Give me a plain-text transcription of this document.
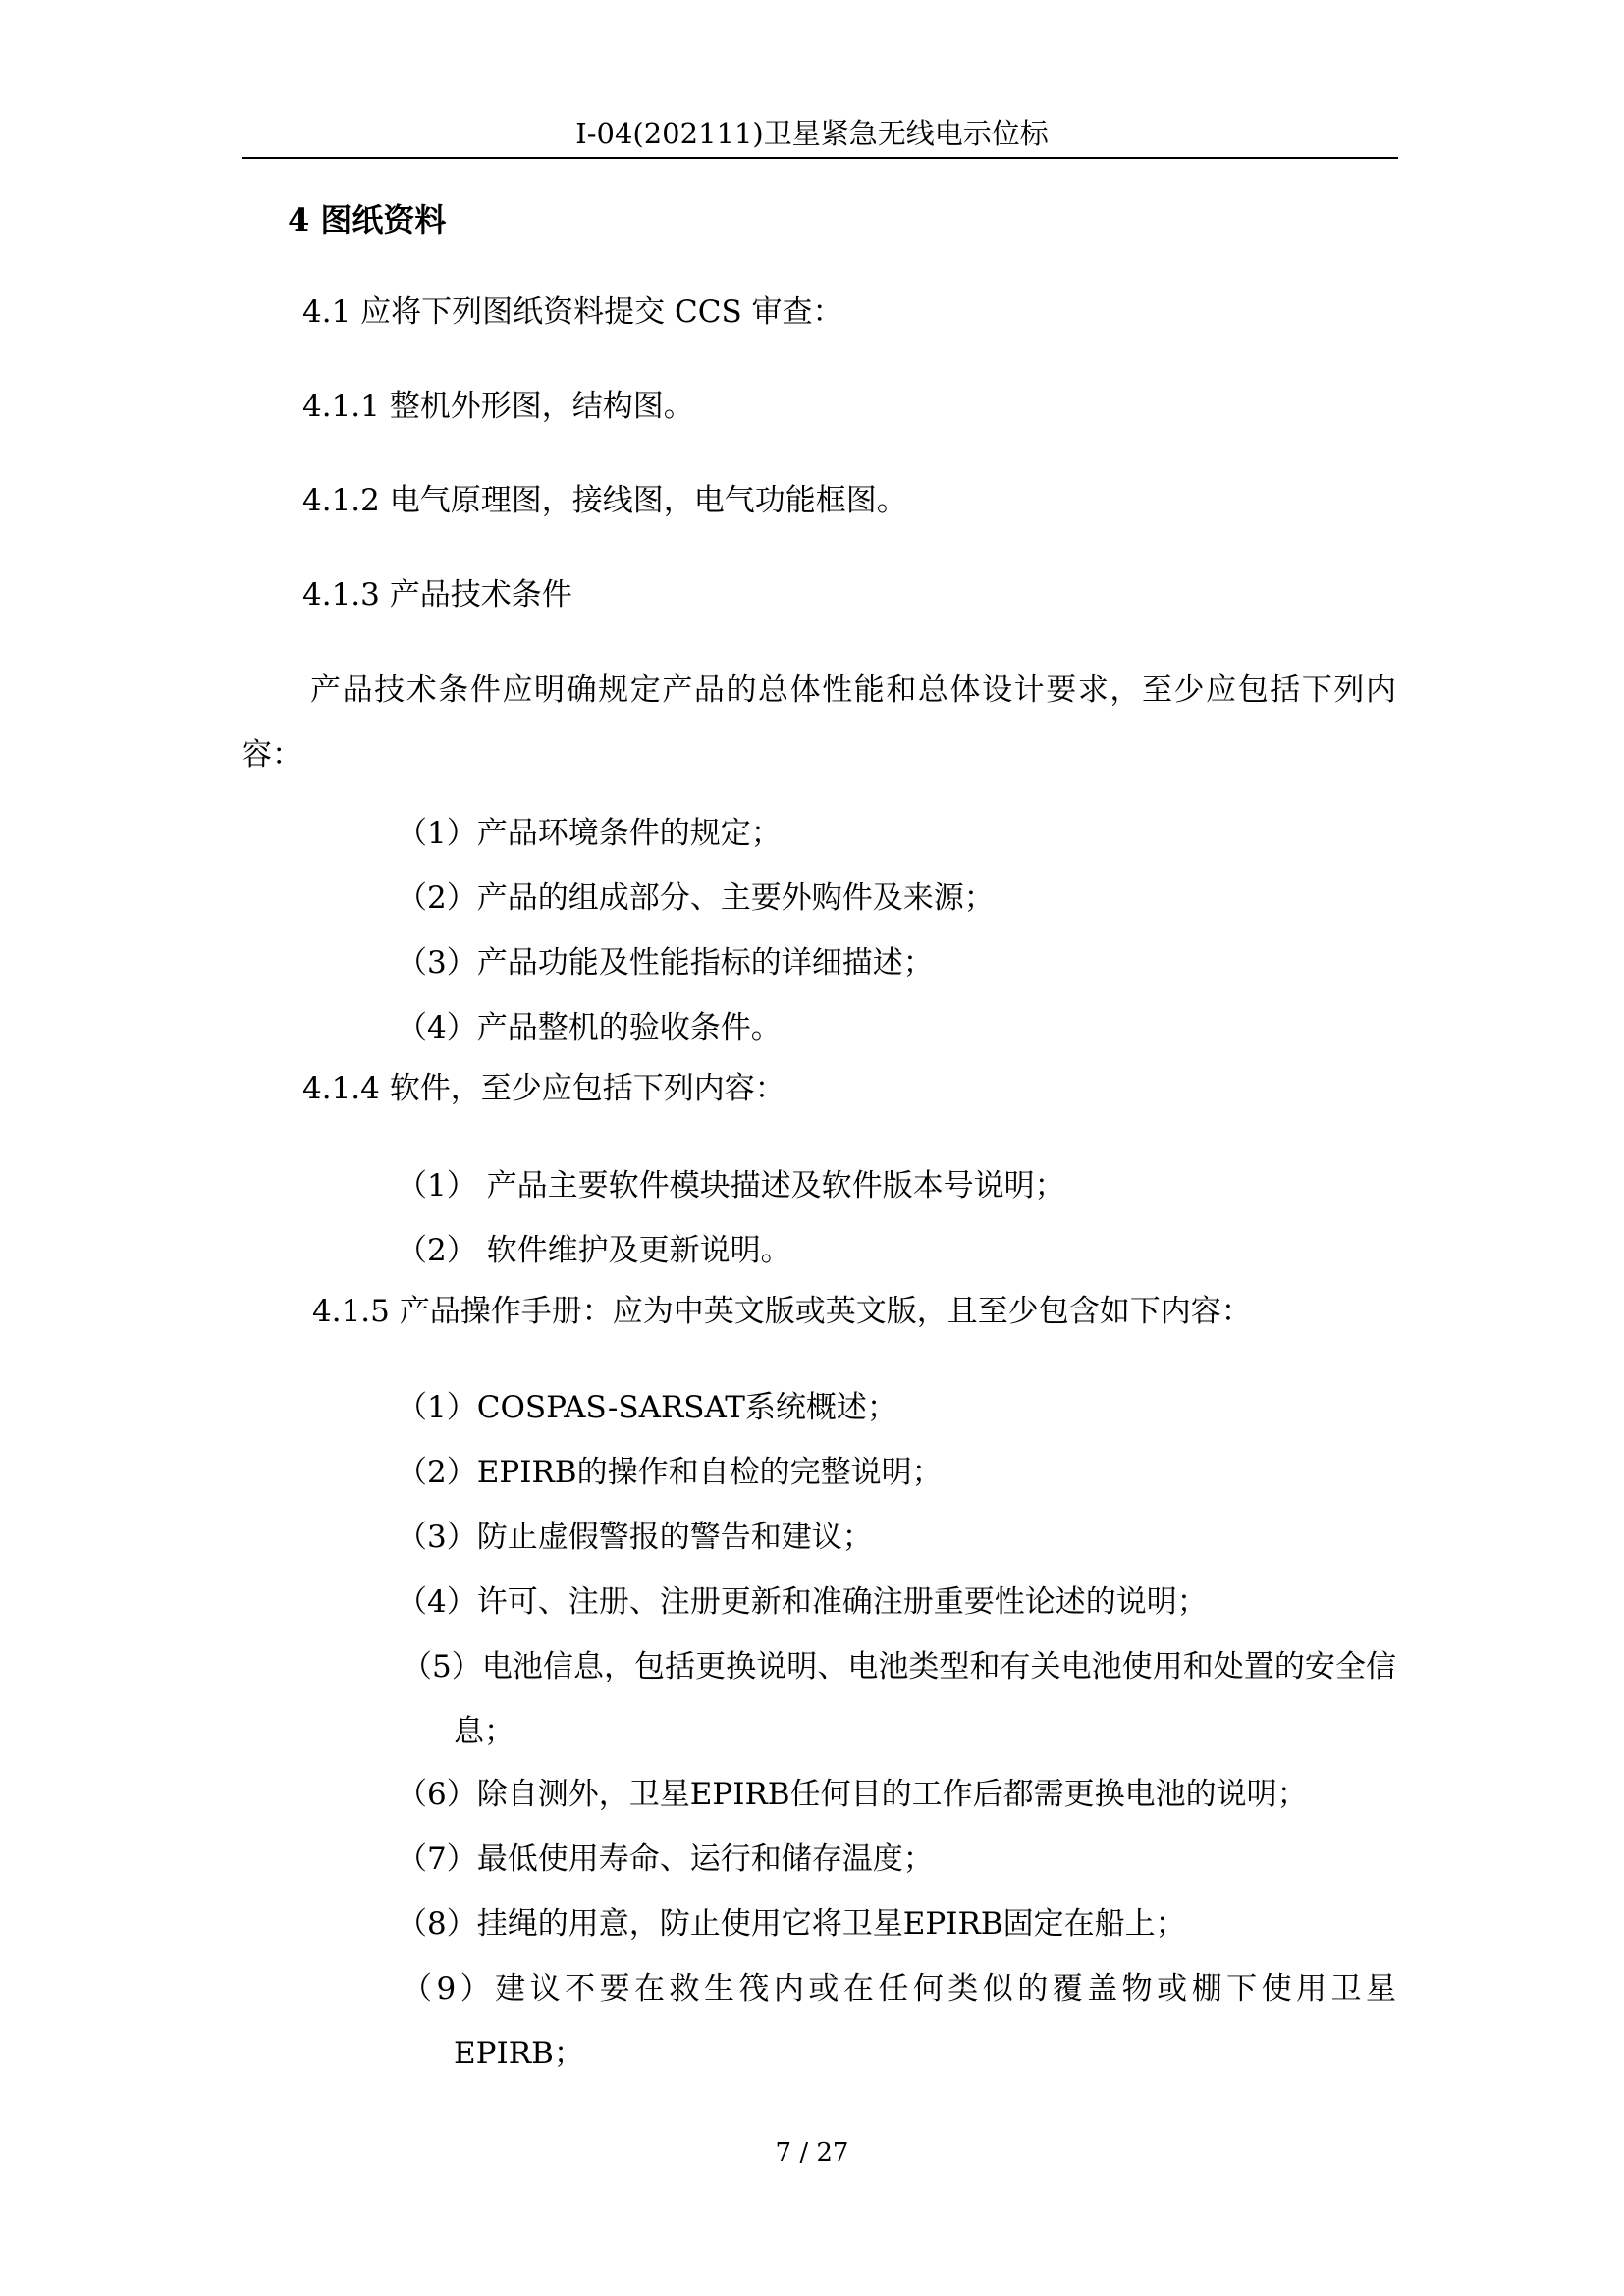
I-04(202111)卫星紧急无线电示位标
4 图纸资料
4.1 应将下列图纸资料提交 CCS 审查：
4.1.1 整机外形图，结构图。
4.1.2 电气原理图，接线图，电气功能框图。
4.1.3 产品技术条件

产品技术条件应明确规定产品的总体性能和总体设计要求，至少应包括下列内容：

（1）产品环境条件的规定；
（2）产品的组成部分、主要外购件及来源；
（3）产品功能及性能指标的详细描述；
（4）产品整机的验收条件。
4.1.4 软件，至少应包括下列内容：
（1） 产品主要软件模块描述及软件版本号说明；
（2） 软件维护及更新说明。
4.1.5 产品操作手册：应为中英文版或英文版，且至少包含如下内容：
（1）COSPAS-SARSAT系统概述；
（2）EPIRB的操作和自检的完整说明；
（3）防止虚假警报的警告和建议；
（4）许可、注册、注册更新和准确注册重要性论述的说明；

（5）电池信息，包括更换说明、电池类型和有关电池使用和处置的安全信息；

（6）除自测外，卫星EPIRB任何目的工作后都需更换电池的说明；
（7）最低使用寿命、运行和储存温度；
（8）挂绳的用意，防止使用它将卫星EPIRB固定在船上；

（9）建议不要在救生筏内或在任何类似的覆盖物或棚下使用卫星EPIRB；

7 / 27
